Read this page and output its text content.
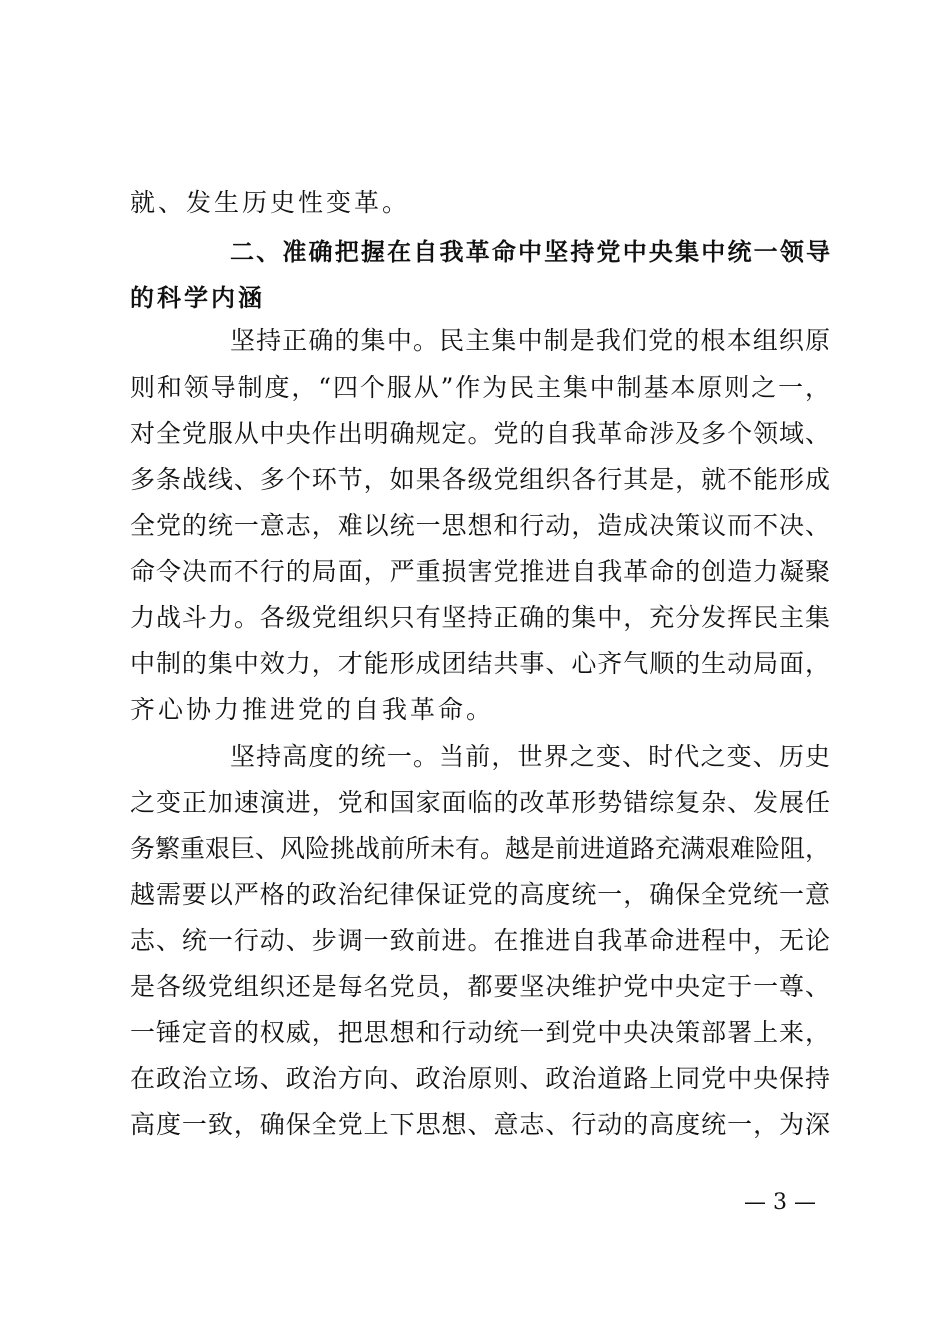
就、发生历史性变革。
二、准确把握在自我革命中坚持党中央集中统一领导
的科学内涵
坚持正确的集中。民主集中制是我们党的根本组织原
则和领导制度，“四个服从”作为民主集中制基本原则之一，
对全党服从中央作出明确规定。党的自我革命涉及多个领域、
多条战线、多个环节，如果各级党组织各行其是，就不能形成
全党的统一意志，难以统一思想和行动，造成决策议而不决、
命令决而不行的局面，严重损害党推进自我革命的创造力凝聚
力战斗力。各级党组织只有坚持正确的集中，充分发挥民主集
中制的集中效力，才能形成团结共事、心齐气顺的生动局面，
齐心协力推进党的自我革命。
坚持高度的统一。当前，世界之变、时代之变、历史
之变正加速演进，党和国家面临的改革形势错综复杂、发展任
务繁重艰巨、风险挑战前所未有。越是前进道路充满艰难险阻，
越需要以严格的政治纪律保证党的高度统一，确保全党统一意
志、统一行动、步调一致前进。在推进自我革命进程中，无论
是各级党组织还是每名党员，都要坚决维护党中央定于一尊、
一锤定音的权威，把思想和行动统一到党中央决策部署上来，
在政治立场、政治方向、政治原则、政治道路上同党中央保持
高度一致，确保全党上下思想、意志、行动的高度统一，为深
— 3 —
